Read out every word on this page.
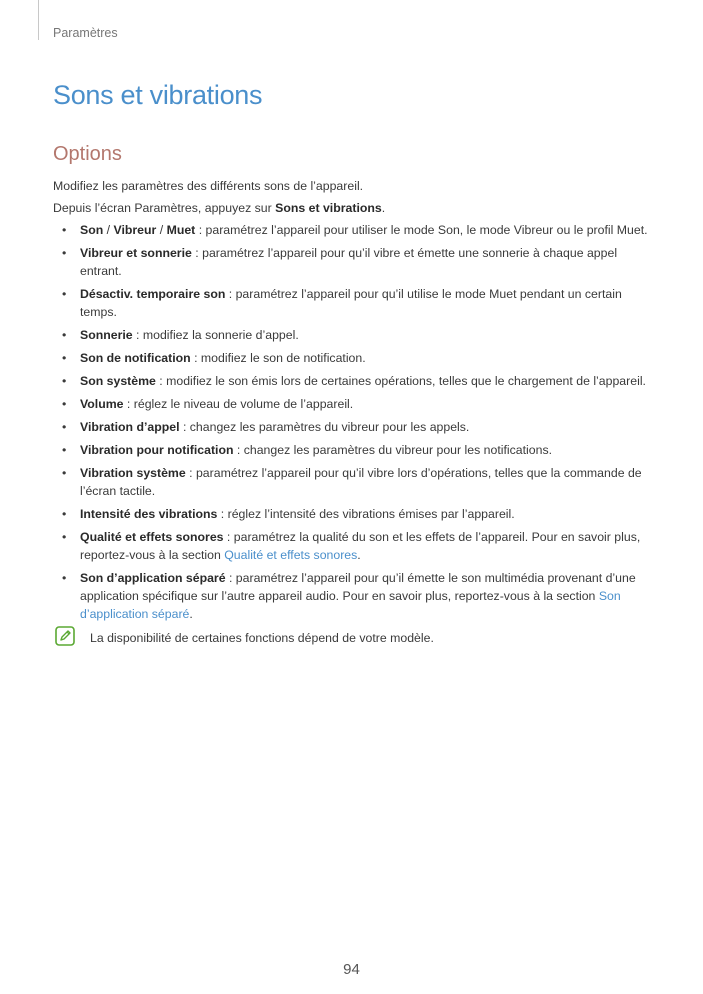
Paramètres
Sons et vibrations
Options

Modifiez les paramètres des différents sons de l’appareil.

Depuis l’écran Paramètres, appuyez sur Sons et vibrations.

• Son / Vibreur / Muet : paramétrez l’appareil pour utiliser le mode Son, le mode Vibreur ou le profil Muet.
• Vibreur et sonnerie : paramétrez l’appareil pour qu’il vibre et émette une sonnerie à chaque appel entrant.
• Désactiv. temporaire son : paramétrez l’appareil pour qu’il utilise le mode Muet pendant un certain temps.
• Sonnerie : modifiez la sonnerie d’appel.
• Son de notification : modifiez le son de notification.
• Son système : modifiez le son émis lors de certaines opérations, telles que le chargement de l’appareil.
• Volume : réglez le niveau de volume de l’appareil.
• Vibration d’appel : changez les paramètres du vibreur pour les appels.
• Vibration pour notification : changez les paramètres du vibreur pour les notifications.
• Vibration système : paramétrez l’appareil pour qu’il vibre lors d’opérations, telles que la commande de l’écran tactile.
• Intensité des vibrations : réglez l’intensité des vibrations émises par l’appareil.
• Qualité et effets sonores : paramétrez la qualité du son et les effets de l’appareil. Pour en savoir plus, reportez-vous à la section Qualité et effets sonores.
• Son d’application séparé : paramétrez l’appareil pour qu’il émette le son multimédia provenant d’une application spécifique sur l’autre appareil audio. Pour en savoir plus, reportez-vous à la section Son d’application séparé.
La disponibilité de certaines fonctions dépend de votre modèle.
94
